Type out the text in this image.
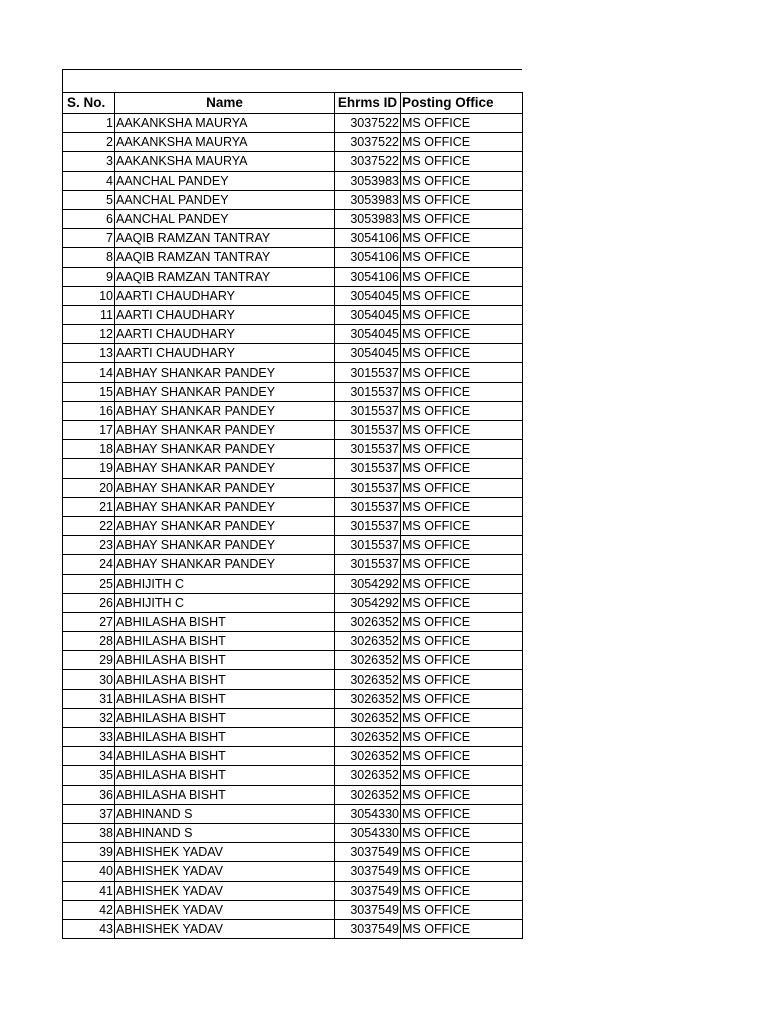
S. No.	Name	Ehrms ID	Posting Office
1	AAKANKSHA MAURYA	3037522	MS OFFICE
2	AAKANKSHA MAURYA	3037522	MS OFFICE
3	AAKANKSHA MAURYA	3037522	MS OFFICE
4	AANCHAL PANDEY	3053983	MS OFFICE
5	AANCHAL PANDEY	3053983	MS OFFICE
6	AANCHAL PANDEY	3053983	MS OFFICE
7	AAQIB RAMZAN TANTRAY	3054106	MS OFFICE
8	AAQIB RAMZAN TANTRAY	3054106	MS OFFICE
9	AAQIB RAMZAN TANTRAY	3054106	MS OFFICE
10	AARTI CHAUDHARY	3054045	MS OFFICE
11	AARTI CHAUDHARY	3054045	MS OFFICE
12	AARTI CHAUDHARY	3054045	MS OFFICE
13	AARTI CHAUDHARY	3054045	MS OFFICE
14	ABHAY SHANKAR PANDEY	3015537	MS OFFICE
15	ABHAY SHANKAR PANDEY	3015537	MS OFFICE
16	ABHAY SHANKAR PANDEY	3015537	MS OFFICE
17	ABHAY SHANKAR PANDEY	3015537	MS OFFICE
18	ABHAY SHANKAR PANDEY	3015537	MS OFFICE
19	ABHAY SHANKAR PANDEY	3015537	MS OFFICE
20	ABHAY SHANKAR PANDEY	3015537	MS OFFICE
21	ABHAY SHANKAR PANDEY	3015537	MS OFFICE
22	ABHAY SHANKAR PANDEY	3015537	MS OFFICE
23	ABHAY SHANKAR PANDEY	3015537	MS OFFICE
24	ABHAY SHANKAR PANDEY	3015537	MS OFFICE
25	ABHIJITH C	3054292	MS OFFICE
26	ABHIJITH C	3054292	MS OFFICE
27	ABHILASHA BISHT	3026352	MS OFFICE
28	ABHILASHA BISHT	3026352	MS OFFICE
29	ABHILASHA BISHT	3026352	MS OFFICE
30	ABHILASHA BISHT	3026352	MS OFFICE
31	ABHILASHA BISHT	3026352	MS OFFICE
32	ABHILASHA BISHT	3026352	MS OFFICE
33	ABHILASHA BISHT	3026352	MS OFFICE
34	ABHILASHA BISHT	3026352	MS OFFICE
35	ABHILASHA BISHT	3026352	MS OFFICE
36	ABHILASHA BISHT	3026352	MS OFFICE
37	ABHINAND S	3054330	MS OFFICE
38	ABHINAND S	3054330	MS OFFICE
39	ABHISHEK YADAV	3037549	MS OFFICE
40	ABHISHEK YADAV	3037549	MS OFFICE
41	ABHISHEK YADAV	3037549	MS OFFICE
42	ABHISHEK YADAV	3037549	MS OFFICE
43	ABHISHEK YADAV	3037549	MS OFFICE
